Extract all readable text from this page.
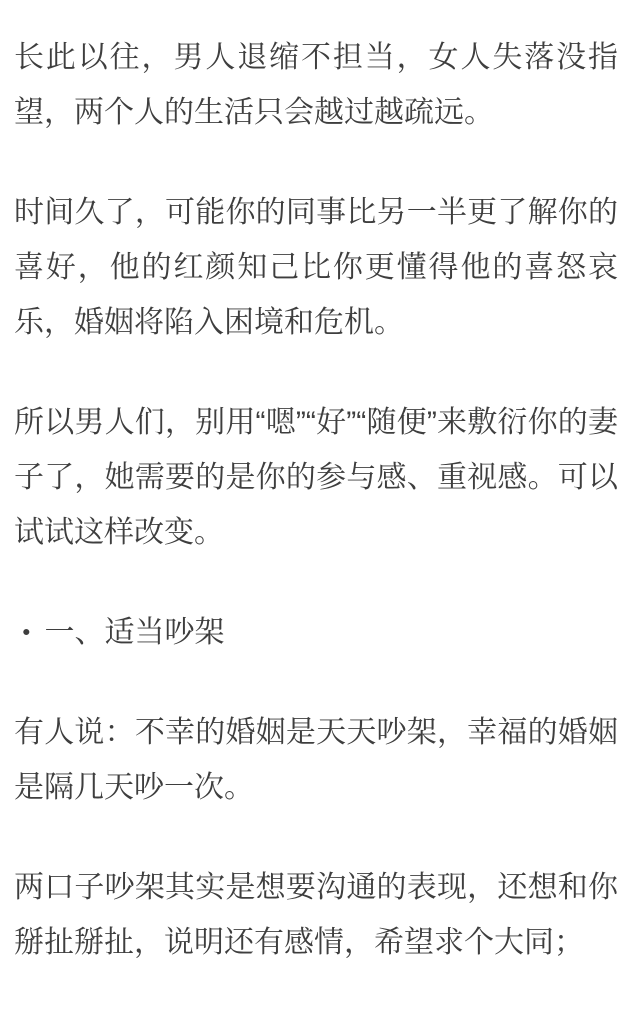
长此以往，男人退缩不担当，女人失落没指望，两个人的生活只会越过越疏远。

时间久了，可能你的同事比另一半更了解你的喜好，他的红颜知己比你更懂得他的喜怒哀乐，婚姻将陷入困境和危机。

所以男人们，别用“嗯”“好”“随便”来敷衍你的妻子了，她需要的是你的参与感、重视感。可以试试这样改变。

• 一、适当吵架

有人说：不幸的婚姻是天天吵架，幸福的婚姻是隔几天吵一次。

两口子吵架其实是想要沟通的表现，还想和你掰扯掰扯，说明还有感情，希望求个大同；
